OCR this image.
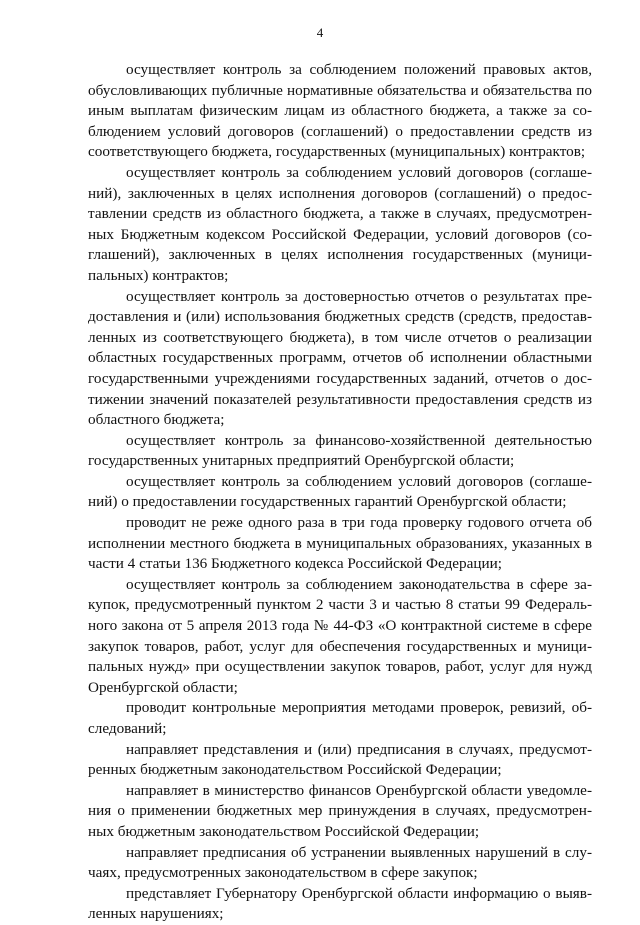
4

осуществляет контроль за соблюдением положений правовых актов, обусловливающих публичные нормативные обязательства и обязательства по иным выплатам физическим лицам из областного бюджета, а также за соблюдением условий договоров (соглашений) о предоставлении средств из соответствующего бюджета, государственных (муниципальных) контрактов;

осуществляет контроль за соблюдением условий договоров (соглашений), заключенных в целях исполнения договоров (соглашений) о предоставлении средств из областного бюджета, а также в случаях, предусмотренных Бюджетным кодексом Российской Федерации, условий договоров (соглашений), заключенных в целях исполнения государственных (муниципальных) контрактов;

осуществляет контроль за достоверностью отчетов о результатах предоставления и (или) использования бюджетных средств (средств, предоставленных из соответствующего бюджета), в том числе отчетов о реализации областных государственных программ, отчетов об исполнении областными государственными учреждениями государственных заданий, отчетов о достижении значений показателей результативности предоставления средств из областного бюджета;

осуществляет контроль за финансово-хозяйственной деятельностью государственных унитарных предприятий Оренбургской области;

осуществляет контроль за соблюдением условий договоров (соглашений) о предоставлении государственных гарантий Оренбургской области;

проводит не реже одного раза в три года проверку годового отчета об исполнении местного бюджета в муниципальных образованиях, указанных в части 4 статьи 136 Бюджетного кодекса Российской Федерации;

осуществляет контроль за соблюдением законодательства в сфере закупок, предусмотренный пунктом 2 части 3 и частью 8 статьи 99 Федерального закона от 5 апреля 2013 года № 44-ФЗ «О контрактной системе в сфере закупок товаров, работ, услуг для обеспечения государственных и муниципальных нужд» при осуществлении закупок товаров, работ, услуг для нужд Оренбургской области;

проводит контрольные мероприятия методами проверок, ревизий, обследований;

направляет представления и (или) предписания в случаях, предусмотренных бюджетным законодательством Российской Федерации;

направляет в министерство финансов Оренбургской области уведомления о применении бюджетных мер принуждения в случаях, предусмотренных бюджетным законодательством Российской Федерации;

направляет предписания об устранении выявленных нарушений в случаях, предусмотренных законодательством в сфере закупок;

представляет Губернатору Оренбургской области информацию о выявленных нарушениях;
